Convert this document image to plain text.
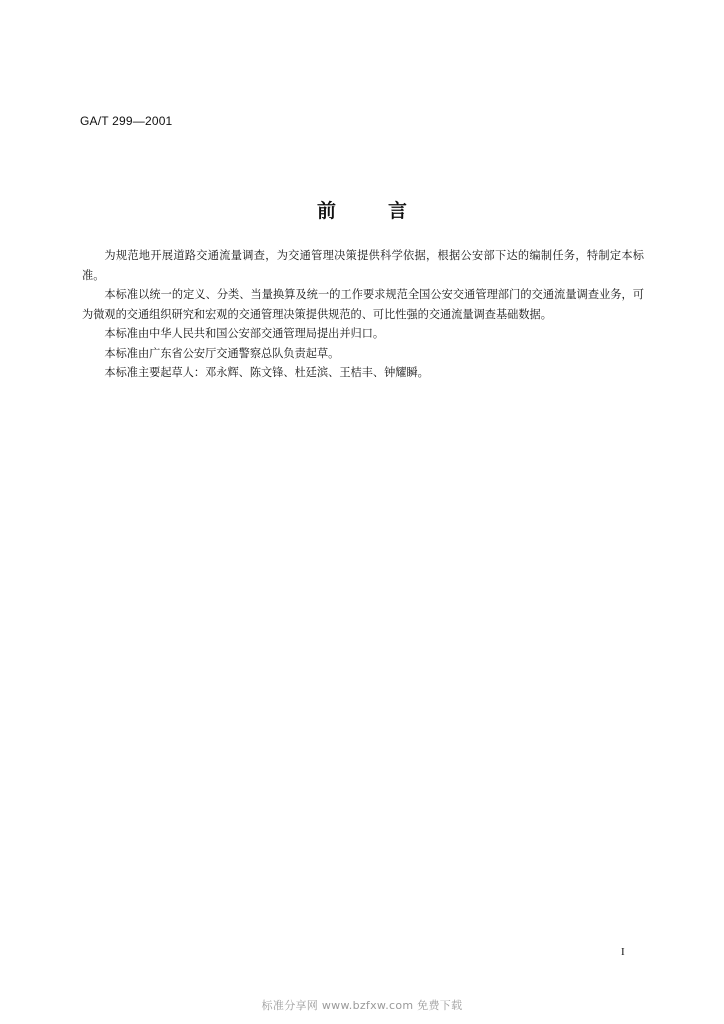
GA/T 299—2001
前	言

为规范地开展道路交通流量调查，为交通管理决策提供科学依据，根据公安部下达的编制任务，特制定本标准。

本标准以统一的定义、分类、当量换算及统一的工作要求规范全国公安交通管理部门的交通流量调查业务，可为微观的交通组织研究和宏观的交通管理决策提供规范的、可比性强的交通流量调查基础数据。

本标准由中华人民共和国公安部交通管理局提出并归口。

本标准由广东省公安厅交通警察总队负责起草。

本标准主要起草人：邓永辉、陈文锋、杜廷滨、王桔丰、钟耀瞬。

I
标准分享网 www.bzfxw.com 免费下载
